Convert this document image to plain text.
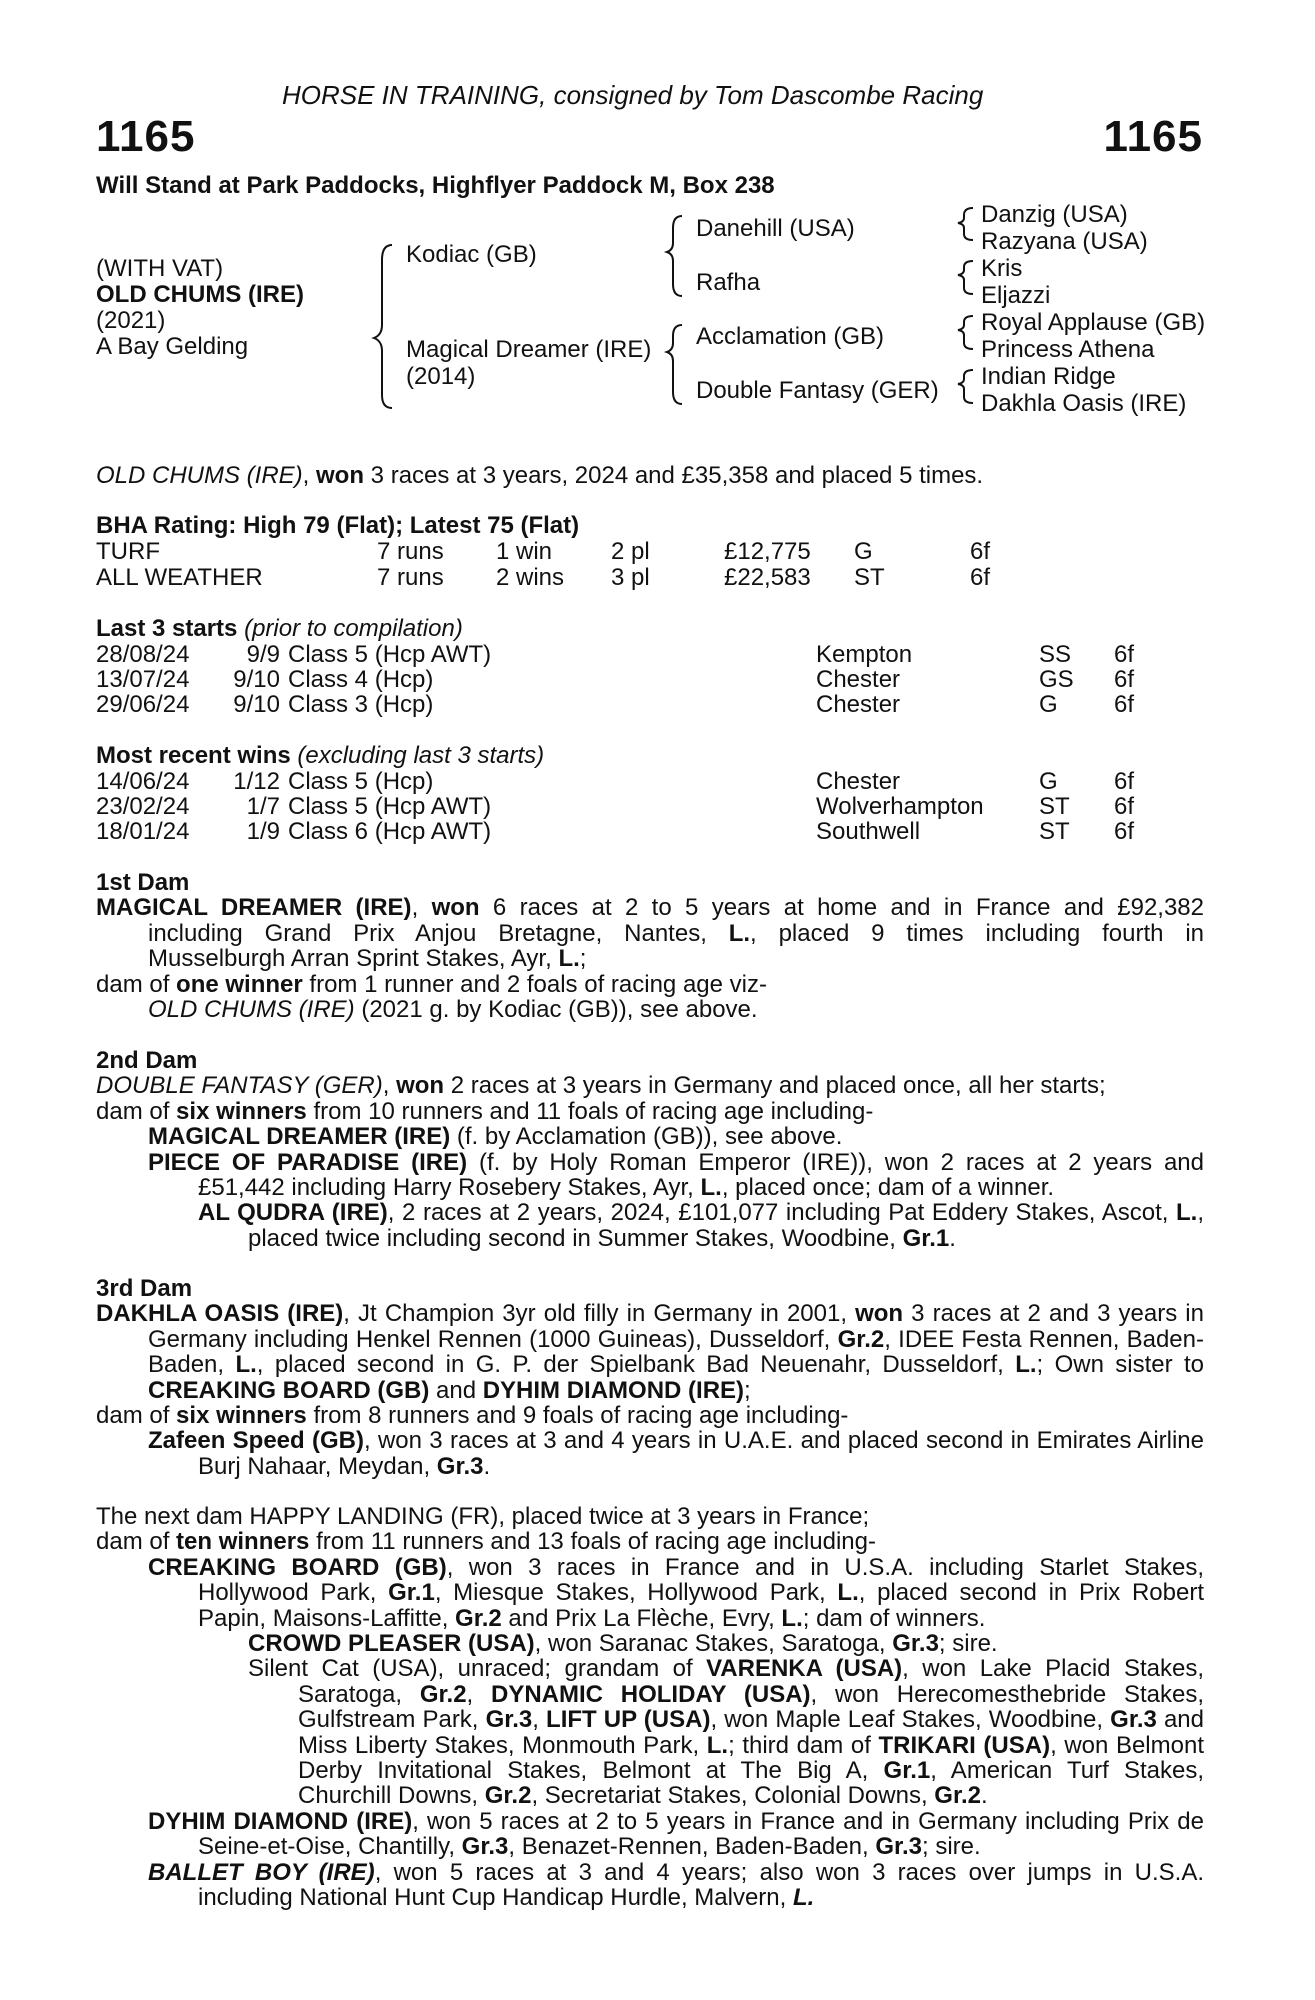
HORSE IN TRAINING, consigned by Tom Dascombe Racing
1165	1165
Will Stand at Park Paddocks, Highflyer Paddock M, Box 238
(WITH VAT)
OLD CHUMS (IRE)
(2021)
A Bay Gelding
Kodiac (GB)
Magical Dreamer (IRE)
(2014)
Danehill (USA)
Rafha
Acclamation (GB)
Double Fantasy (GER)
Danzig (USA)
Razyana (USA)
Kris
Eljazzi
Royal Applause (GB)
Princess Athena
Indian Ridge
Dakhla Oasis (IRE)
OLD CHUMS (IRE), won 3 races at 3 years, 2024 and £35,358 and placed 5 times.
BHA Rating: High 79 (Flat); Latest 75 (Flat)
TURF	7 runs 1 win 2 pl	£12,775 G	6f
ALL WEATHER	7 runs 2 wins 3 pl	£22,583 ST	6f
Last 3 starts (prior to compilation)
28/08/24	9/9 Class 5 (Hcp AWT)	Kempton	SS 6f
13/07/24	9/10 Class 4 (Hcp)	Chester	GS 6f
29/06/24	9/10 Class 3 (Hcp)	Chester	G 6f
Most recent wins (excluding last 3 starts)
14/06/24	1/12 Class 5 (Hcp)	Chester	G 6f
23/02/24	1/7 Class 5 (Hcp AWT)	Wolverhampton ST 6f
18/01/24	1/9 Class 6 (Hcp AWT)	Southwell	ST 6f

1st Dam

MAGICAL DREAMER (IRE), won 6 races at 2 to 5 years at home and in France and £92,382

including Grand Prix Anjou Bretagne, Nantes, L., placed 9 times including fourth in

Musselburgh Arran Sprint Stakes, Ayr, L.;

dam of one winner from 1 runner and 2 foals of racing age viz-

OLD CHUMS (IRE) (2021 g. by Kodiac (GB)), see above.

2nd Dam

DOUBLE FANTASY (GER), won 2 races at 3 years in Germany and placed once, all her starts;

dam of six winners from 10 runners and 11 foals of racing age including-

MAGICAL DREAMER (IRE) (f. by Acclamation (GB)), see above.

PIECE OF PARADISE (IRE) (f. by Holy Roman Emperor (IRE)), won 2 races at 2 years and £51,442 including Harry Rosebery Stakes, Ayr, L., placed once; dam of a winner.

AL QUDRA (IRE), 2 races at 2 years, 2024, £101,077 including Pat Eddery Stakes, Ascot, L., placed twice including second in Summer Stakes, Woodbine, Gr.1.

3rd Dam

DAKHLA OASIS (IRE), Jt Champion 3yr old filly in Germany in 2001, won 3 races at 2 and 3 years in Germany including Henkel Rennen (1000 Guineas), Dusseldorf, Gr.2, IDEE Festa Rennen, Baden-Baden, L., placed second in G. P. der Spielbank Bad Neuenahr, Dusseldorf, L.; Own sister to CREAKING BOARD (GB) and DYHIM DIAMOND (IRE);

dam of six winners from 8 runners and 9 foals of racing age including-

Zafeen Speed (GB), won 3 races at 3 and 4 years in U.A.E. and placed second in Emirates Airline Burj Nahaar, Meydan, Gr.3.

The next dam HAPPY LANDING (FR), placed twice at 3 years in France;

dam of ten winners from 11 runners and 13 foals of racing age including-

CREAKING BOARD (GB), won 3 races in France and in U.S.A. including Starlet Stakes, Hollywood Park, Gr.1, Miesque Stakes, Hollywood Park, L., placed second in Prix Robert Papin, Maisons-Laffitte, Gr.2 and Prix La Flèche, Evry, L.; dam of winners.

CROWD PLEASER (USA), won Saranac Stakes, Saratoga, Gr.3; sire.

Silent Cat (USA), unraced; grandam of VARENKA (USA), won Lake Placid Stakes, Saratoga, Gr.2, DYNAMIC HOLIDAY (USA), won Herecomesthebride Stakes, Gulfstream Park, Gr.3, LIFT UP (USA), won Maple Leaf Stakes, Woodbine, Gr.3 and Miss Liberty Stakes, Monmouth Park, L.; third dam of TRIKARI (USA), won Belmont Derby Invitational Stakes, Belmont at The Big A, Gr.1, American Turf Stakes, Churchill Downs, Gr.2, Secretariat Stakes, Colonial Downs, Gr.2.

DYHIM DIAMOND (IRE), won 5 races at 2 to 5 years in France and in Germany including Prix de Seine-et-Oise, Chantilly, Gr.3, Benazet-Rennen, Baden-Baden, Gr.3; sire.

BALLET BOY (IRE), won 5 races at 3 and 4 years; also won 3 races over jumps in U.S.A. including National Hunt Cup Handicap Hurdle, Malvern, L.
